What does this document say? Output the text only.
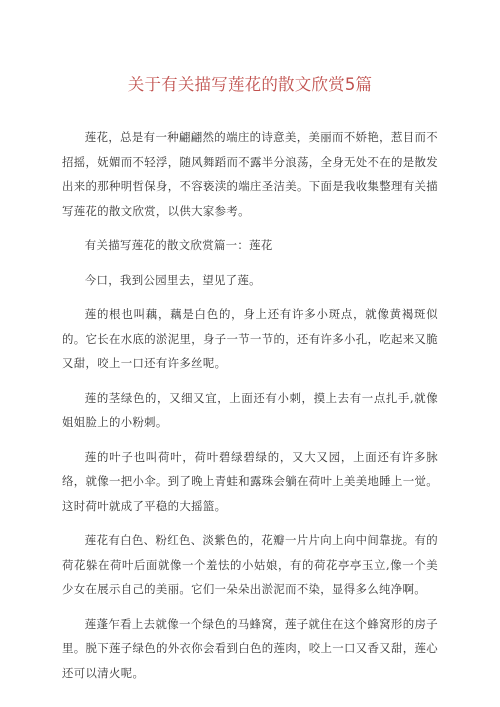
关于有关描写莲花的散文欣赏5篇

莲花，总是有一种翩翩然的端庄的诗意美，美丽而不娇艳，惹目而不招摇，妩媚而不轻浮，随风舞蹈而不露半分浪荡，全身无处不在的是散发出来的那种明哲保身，不容亵渎的端庄圣洁美。下面是我收集整理有关描写莲花的散文欣赏，以供大家参考。

有关描写莲花的散文欣赏篇一：莲花

今口，我到公园里去，望见了莲。

莲的根也叫藕，藕是白色的，身上还有许多小斑点，就像黄褐斑似的。它长在水底的淤泥里，身子一节一节的，还有许多小孔，吃起来又脆又甜，咬上一口还有许多丝呢。

莲的茎绿色的，又细又宜，上面还有小刺，摸上去有一点扎手,就像姐姐脸上的小粉刺。

莲的叶子也叫荷叶，荷叶碧绿碧绿的，又大又园，上面还有许多脉络，就像一把小伞。到了晚上青蛙和露珠会躺在荷叶上美美地睡上一觉。这时荷叶就成了平稳的大摇篮。

莲花有白色、粉红色、淡紫色的，花瓣一片片向上向中间靠拢。有的荷花躲在荷叶后面就像一个羞怯的小姑娘，有的荷花亭亭玉立,像一个美少女在展示自己的美丽。它们一朵朵出淤泥而不染，显得多么纯净啊。

莲蓬乍看上去就像一个绿色的马蜂窝，莲子就住在这个蜂窝形的房子里。脱下莲子绿色的外衣你会看到白色的莲肉，咬上一口又香又甜，莲心还可以清火呢。
